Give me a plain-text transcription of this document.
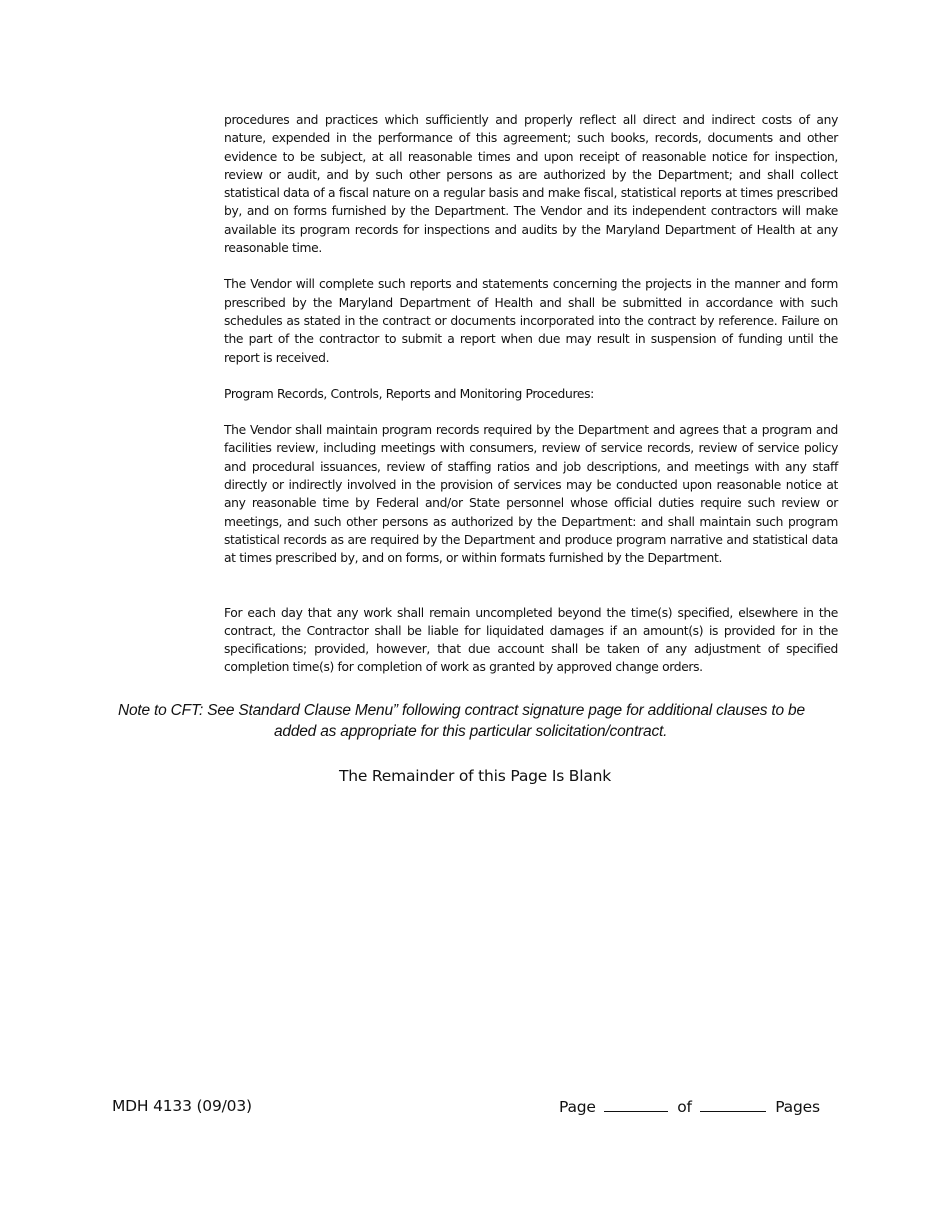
procedures and practices which sufficiently and properly reflect all direct and indirect costs of any nature, expended in the performance of this agreement; such books, records, documents and other evidence to be subject, at all reasonable times and upon receipt of reasonable notice for inspection, review or audit, and by such other persons as are authorized by the Department; and shall collect statistical data of a fiscal nature on a regular basis and make fiscal, statistical reports at times prescribed by, and on forms furnished by the Department. The Vendor and its independent contractors will make available its program records for inspections and audits by the Maryland Department of Health at any reasonable time.

The Vendor will complete such reports and statements concerning the projects in the manner and form prescribed by the Maryland Department of Health and shall be submitted in accordance with such schedules as stated in the contract or documents incorporated into the contract by reference. Failure on the part of the contractor to submit a report when due may result in suspension of funding until the report is received.

Program Records, Controls, Reports and Monitoring Procedures:

The Vendor shall maintain program records required by the Department and agrees that a program and facilities review, including meetings with consumers, review of service records, review of service policy and procedural issuances, review of staffing ratios and job descriptions, and meetings with any staff directly or indirectly involved in the provision of services may be conducted upon reasonable notice at any reasonable time by Federal and/or State personnel whose official duties require such review or meetings, and such other persons as authorized by the Department: and shall maintain such program statistical records as are required by the Department and produce program narrative and statistical data at times prescribed by, and on forms, or within formats furnished by the Department.

For each day that any work shall remain uncompleted beyond the time(s) specified, elsewhere in the contract, the Contractor shall be liable for liquidated damages if an amount(s) is provided for in the specifications; provided, however, that due account shall be taken of any adjustment of specified completion time(s) for completion of work as granted by approved change orders.

Note to CFT: See Standard Clause Menu” following contract signature page for additional clauses to be
added as appropriate for this particular solicitation/contract.
The Remainder of this Page Is Blank
MDH 4133 (09/03)	Page	of	Pages
